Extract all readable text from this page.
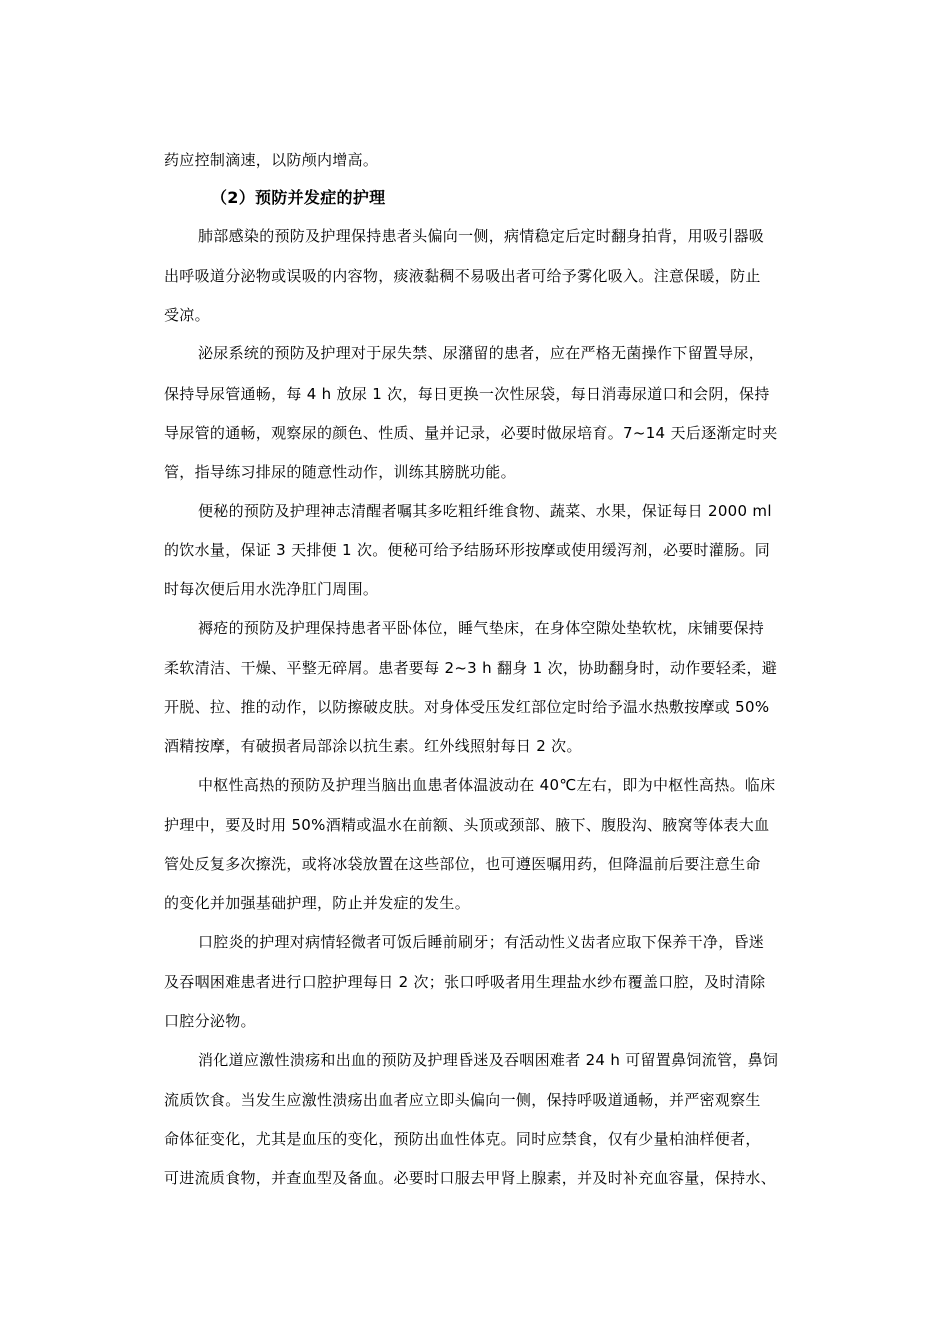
药应控制滴速，以防颅内增高。
（2）预防并发症的护理
肺部感染的预防及护理保持患者头偏向一侧，病情稳定后定时翻身拍背，用吸引器吸
出呼吸道分泌物或误吸的内容物，痰液黏稠不易吸出者可给予雾化吸入。注意保暖，防止
受凉。
泌尿系统的预防及护理对于尿失禁、尿潴留的患者，应在严格无菌操作下留置导尿，
保持导尿管通畅，每 4 h 放尿 1 次，每日更换一次性尿袋，每日消毒尿道口和会阴，保持
导尿管的通畅，观察尿的颜色、性质、量并记录，必要时做尿培育。7~14 天后逐渐定时夹
管，指导练习排尿的随意性动作，训练其膀胱功能。
便秘的预防及护理神志清醒者嘱其多吃粗纤维食物、蔬菜、水果，保证每日 2000 ml
的饮水量，保证 3 天排便 1 次。便秘可给予结肠环形按摩或使用缓泻剂，必要时灌肠。同
时每次便后用水洗净肛门周围。
褥疮的预防及护理保持患者平卧体位，睡气垫床，在身体空隙处垫软枕，床铺要保持
柔软清洁、干燥、平整无碎屑。患者要每 2~3 h 翻身 1 次，协助翻身时，动作要轻柔，避
开脱、拉、推的动作，以防擦破皮肤。对身体受压发红部位定时给予温水热敷按摩或 50%
酒精按摩，有破损者局部涂以抗生素。红外线照射每日 2 次。
中枢性高热的预防及护理当脑出血患者体温波动在 40℃左右，即为中枢性高热。临床
护理中，要及时用 50%酒精或温水在前额、头顶或颈部、腋下、腹股沟、腋窝等体表大血
管处反复多次擦洗，或将冰袋放置在这些部位，也可遵医嘱用药，但降温前后要注意生命
的变化并加强基础护理，防止并发症的发生。
口腔炎的护理对病情轻微者可饭后睡前刷牙；有活动性义齿者应取下保养干净，昏迷
及吞咽困难患者进行口腔护理每日 2 次；张口呼吸者用生理盐水纱布覆盖口腔，及时清除
口腔分泌物。
消化道应激性溃疡和出血的预防及护理昏迷及吞咽困难者 24 h 可留置鼻饲流管，鼻饲
流质饮食。当发生应激性溃疡出血者应立即头偏向一侧，保持呼吸道通畅，并严密观察生
命体征变化，尤其是血压的变化，预防出血性体克。同时应禁食，仅有少量柏油样便者，
可进流质食物，并查血型及备血。必要时口服去甲肾上腺素，并及时补充血容量，保持水、
